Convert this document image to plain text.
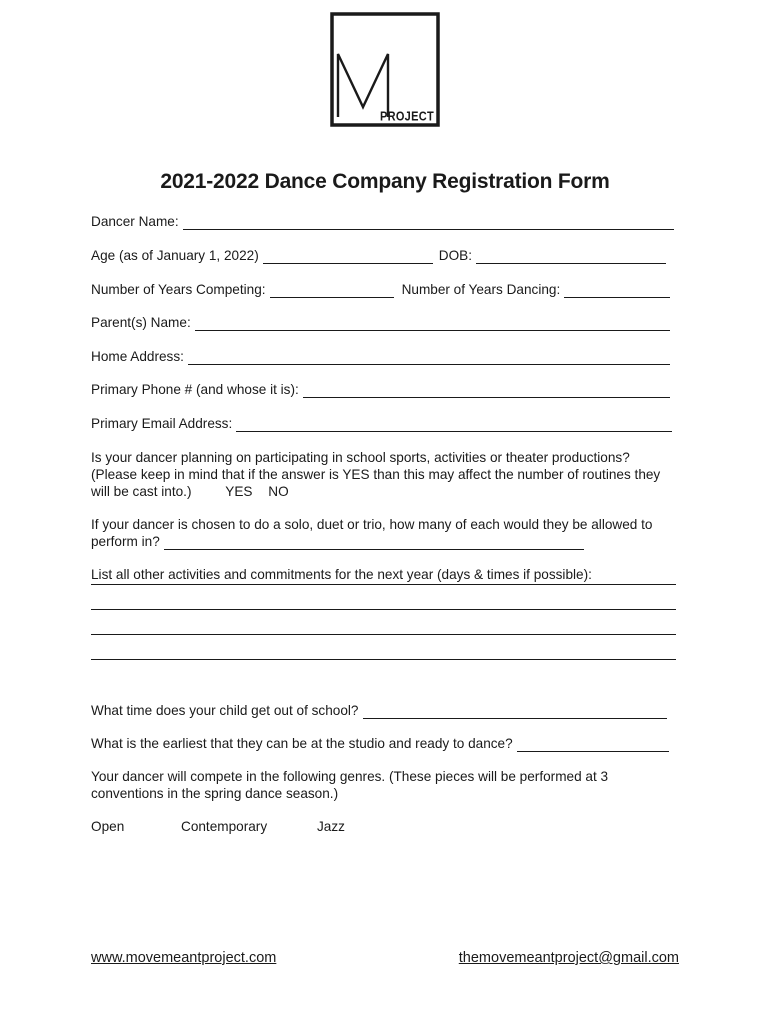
PROJECT
2021-2022 Dance Company Registration Form
Dancer Name:
Age (as of January 1, 2022)	DOB:
Number of Years Competing:	Number of Years Dancing:
Parent(s) Name:
Home Address:
Primary Phone # (and whose it is):
Primary Email Address:
Is your dancer planning on participating in school sports, activities or theater productions?
(Please keep in mind that if the answer is YES than this may affect the number of routines they
will be cast into.) YES NO
If your dancer is chosen to do a solo, duet or trio, how many of each would they be allowed to
perform in?
List all other activities and commitments for the next year (days & times if possible):
What time does your child get out of school?
What is the earliest that they can be at the studio and ready to dance?
Your dancer will compete in the following genres. (These pieces will be performed at 3
conventions in the spring dance season.)
Open	Contemporary	Jazz
www.movemeantproject.com	themovemeantproject@gmail.com
